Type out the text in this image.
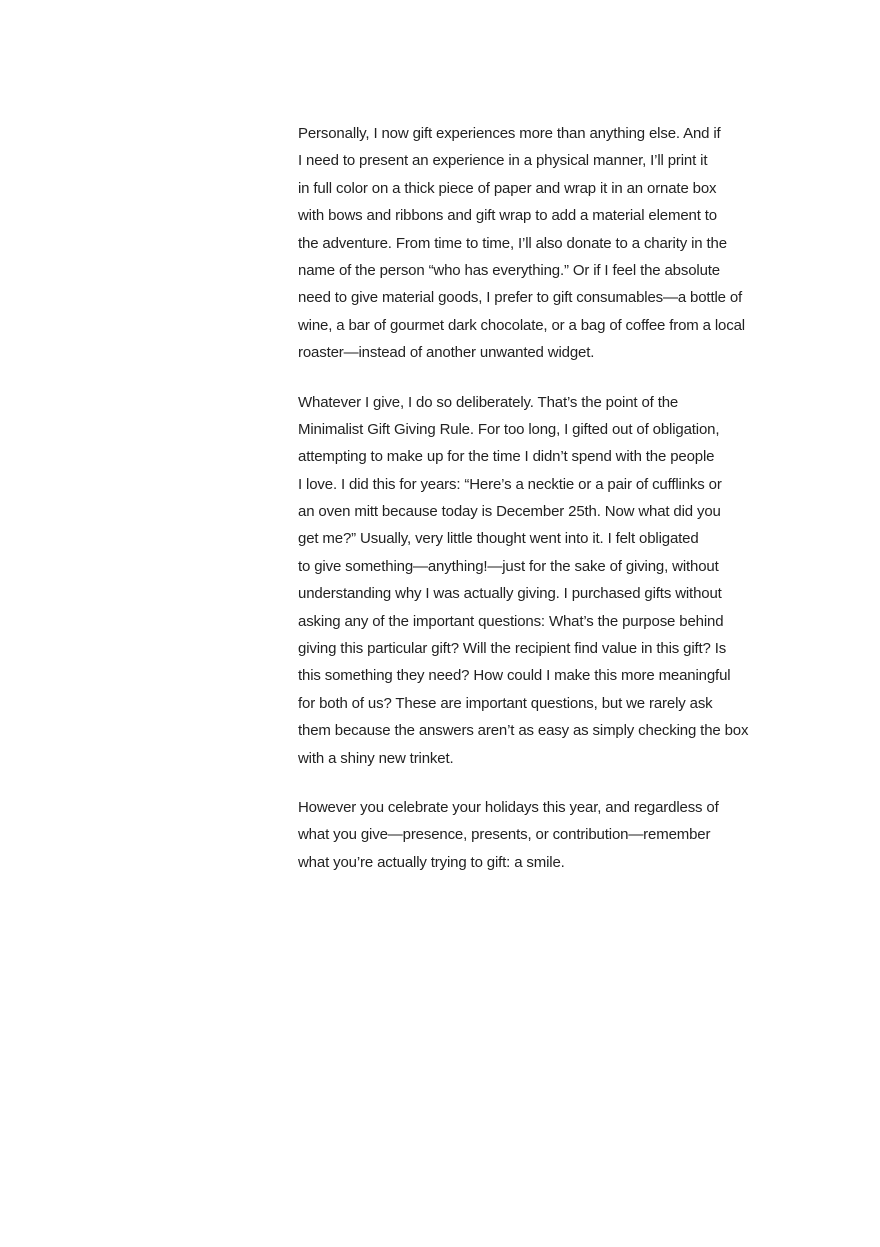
Personally, I now gift experiences more than anything else. And if
I need to present an experience in a physical manner, I’ll print it
in full color on a thick piece of paper and wrap it in an ornate box
with bows and ribbons and gift wrap to add a material element to
the adventure. From time to time, I’ll also donate to a charity in the
name of the person “who has everything.” Or if I feel the absolute
need to give material goods, I prefer to gift consumables—a bottle of
wine, a bar of gourmet dark chocolate, or a bag of coffee from a local
roaster—instead of another unwanted widget.
Whatever I give, I do so deliberately. That’s the point of the
Minimalist Gift Giving Rule. For too long, I gifted out of obligation,
attempting to make up for the time I didn’t spend with the people
I love. I did this for years: “Here’s a necktie or a pair of cufflinks or
an oven mitt because today is December 25th. Now what did you
get me?” Usually, very little thought went into it. I felt obligated
to give something—anything!—just for the sake of giving, without
understanding why I was actually giving. I purchased gifts without
asking any of the important questions: What’s the purpose behind
giving this particular gift? Will the recipient find value in this gift? Is
this something they need? How could I make this more meaningful
for both of us? These are important questions, but we rarely ask
them because the answers aren’t as easy as simply checking the box
with a shiny new trinket.
However you celebrate your holidays this year, and regardless of
what you give—presence, presents, or contribution—remember
what you’re actually trying to gift: a smile.
